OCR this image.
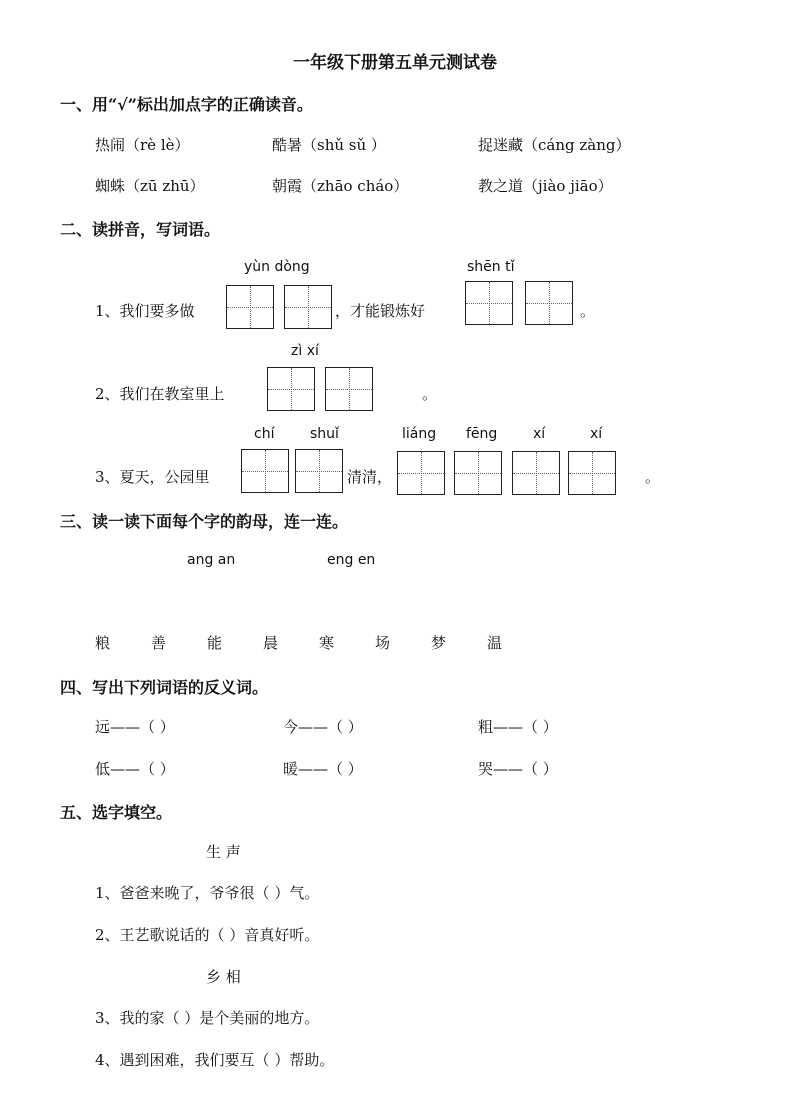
一年级下册第五单元测试卷
一、用“√”标出加点字的正确读音。
热闹（rè lè）	酷暑（shǔ sǔ ）	捉迷藏（cáng zàng）
蜘蛛（zū zhū）	朝霞（zhāo cháo）	教之道（jiào jiāo）
二、读拼音，写词语。
yùn dòng	shēn tǐ
1、我们要多做	，才能锻炼好	。
zì xí
2、我们在教室里上	。
chí	shuǐ	liáng fēng	xí	xí
3、夏天，公园里	清清，	。
三、读一读下面每个字的韵母，连一连。
ang an	eng en
粮	善	能	晨	寒	场	梦	温
四、写出下列词语的反义词。
远——（ ）	今——（ ）	粗——（ ）
低——（ ）	暖——（ ）	哭——（ ）
五、选字填空。
生 声
1、爸爸来晚了，爷爷很（ ）气。
2、王艺歌说话的（ ）音真好听。
乡 相
3、我的家（ ）是个美丽的地方。
4、遇到困难，我们要互（ ）帮助。
